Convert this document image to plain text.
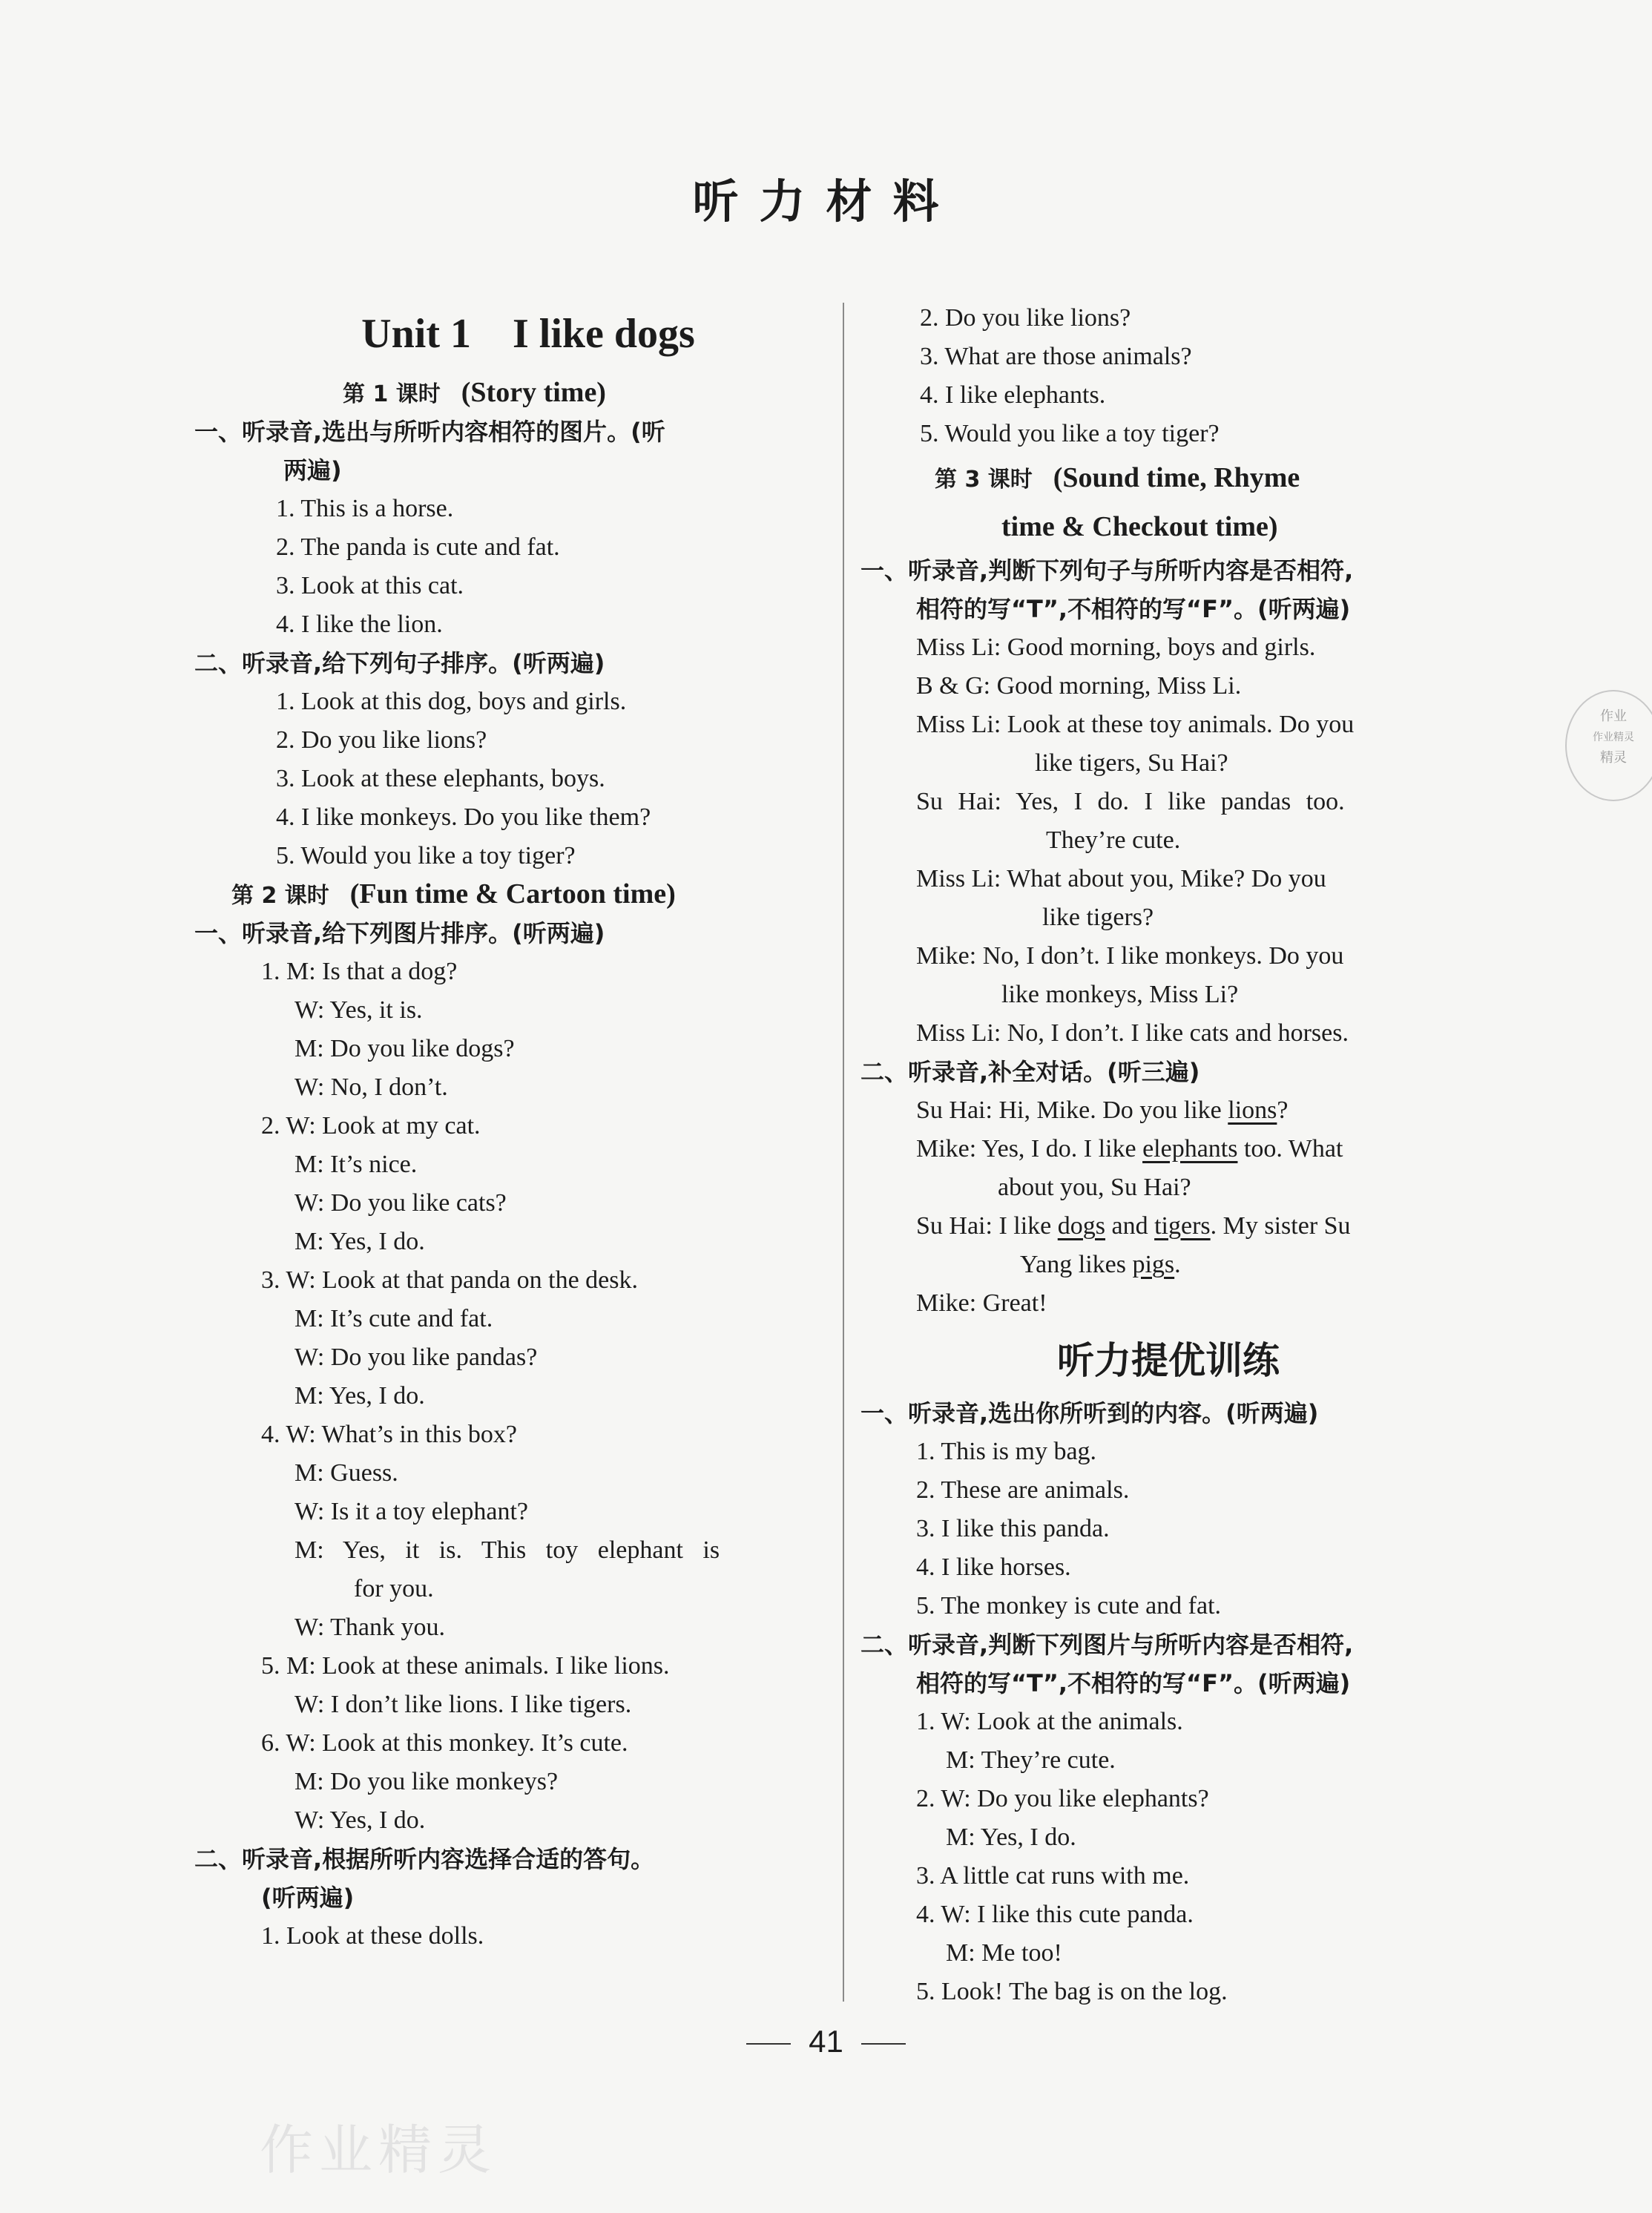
听力材料
Unit 1　I like dogs
第 1 课时 (Story time)
一、听录音,选出与所听内容相符的图片。(听
两遍)
1. This is a horse.
2. The panda is cute and fat.
3. Look at this cat.
4. I like the lion.
二、听录音,给下列句子排序。(听两遍)
1. Look at this dog, boys and girls.
2. Do you like lions?
3. Look at these elephants, boys.
4. I like monkeys. Do you like them?
5. Would you like a toy tiger?
第 2 课时 (Fun time & Cartoon time)
一、听录音,给下列图片排序。(听两遍)
1. M: Is that a dog?
W: Yes, it is.
M: Do you like dogs?
W: No, I don’t.
2. W: Look at my cat.
M: It’s nice.
W: Do you like cats?
M: Yes, I do.
3. W: Look at that panda on the desk.
M: It’s cute and fat.
W: Do you like pandas?
M: Yes, I do.
4. W: What’s in this box?
M: Guess.
W: Is it a toy elephant?
M: Yes, it is. This toy elephant is
for you.
W: Thank you.
5. M: Look at these animals. I like lions.
W: I don’t like lions. I like tigers.
6. W: Look at this monkey. It’s cute.
M: Do you like monkeys?
W: Yes, I do.
二、听录音,根据所听内容选择合适的答句。
(听两遍)
1. Look at these dolls.
2. Do you like lions?
3. What are those animals?
4. I like elephants.
5. Would you like a toy tiger?
第 3 课时 (Sound time, Rhyme
time & Checkout time)
一、听录音,判断下列句子与所听内容是否相符,
相符的写“T”,不相符的写“F”。(听两遍)
Miss Li: Good morning, boys and girls.
B & G: Good morning, Miss Li.
Miss Li: Look at these toy animals. Do you
like tigers, Su Hai?
Su Hai: Yes, I do. I like pandas too.
They’re cute.
Miss Li: What about you, Mike? Do you
like tigers?
Mike: No, I don’t. I like monkeys. Do you
like monkeys, Miss Li?
Miss Li: No, I don’t. I like cats and horses.
二、听录音,补全对话。(听三遍)
Su Hai: Hi, Mike. Do you like lions?
Mike: Yes, I do. I like elephants too. What
about you, Su Hai?
Su Hai: I like dogs and tigers. My sister Su
Yang likes pigs.
Mike: Great!
听力提优训练
一、听录音,选出你所听到的内容。(听两遍)
1. This is my bag.
2. These are animals.
3. I like this panda.
4. I like horses.
5. The monkey is cute and fat.
二、听录音,判断下列图片与所听内容是否相符,
相符的写“T”,不相符的写“F”。(听两遍)
1. W: Look at the animals.
M: They’re cute.
2. W: Do you like elephants?
M: Yes, I do.
3. A little cat runs with me.
4. W: I like this cute panda.
M: Me too!
5. Look! The bag is on the log.
41
作业精灵
作业
作业精灵
精灵
